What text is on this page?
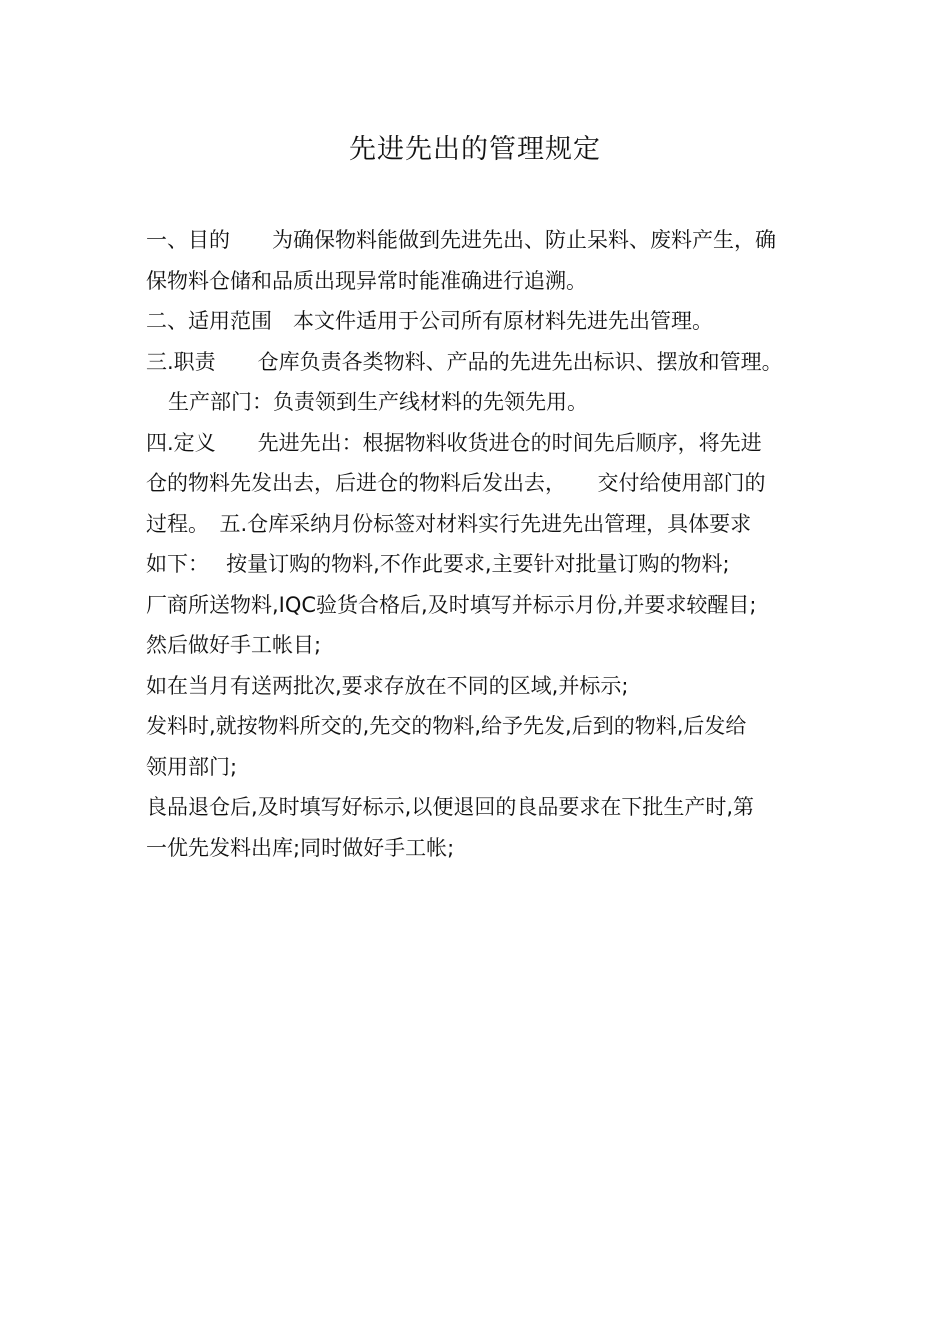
先进先出的管理规定
一、目的　　为确保物料能做到先进先出、防止呆料、废料产生，确
保物料仓储和品质出现异常时能准确进行追溯。
二、适用范围　本文件适用于公司所有原材料先进先出管理。
三.职责　　仓库负责各类物料、产品的先进先出标识、摆放和管理。
生产部门：负责领到生产线材料的先领先用。
四.定义　　先进先出：根据物料收货进仓的时间先后顺序，将先进
仓的物料先发出去，后进仓的物料后发出去，　　交付给使用部门的
过程。　五.仓库采纳月份标签对材料实行先进先出管理，具体要求
如下：　 按量订购的物料,不作此要求,主要针对批量订购的物料;
厂商所送物料,IQC验货合格后,及时填写并标示月份,并要求较醒目;
然后做好手工帐目;
如在当月有送两批次,要求存放在不同的区域,并标示;
发料时,就按物料所交的,先交的物料,给予先发,后到的物料,后发给
领用部门;
良品退仓后,及时填写好标示,以便退回的良品要求在下批生产时,第
一优先发料出库;同时做好手工帐;
